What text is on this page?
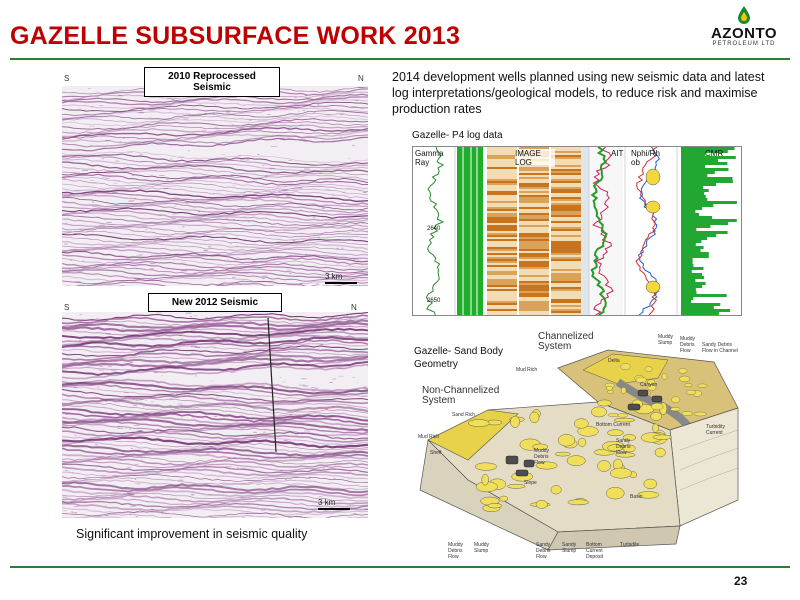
GAZELLE SUBSURFACE WORK 2013	AZONTO
PETROLEUM LTD
S	N
2010 Reprocessed Seismic
3 km
S	N
New 2012 Seismic
3 km
2014 development wells planned using new seismic data and latest log interpretations/geological models, to reduce risk and maximise production rates
Gazelle- P4 log data
Gamma Ray
IMAGE LOG
AIT Nphi/Rh ob
CMR
2640
2650
Channelized System
Non-Channelized System
Mud Rich
Sand Rich
Mud Rich
Delta
Canyon
Muddy Slump
Muddy Debris Flow
Sandy Debris Flow in Channel
Bottom Current
Shelf
Slope
Basin
Turbidity Current
Sandy Debris Flow
Muddy Debris Flow
Muddy Debris Flow
Muddy Slump
Sandy Debris Flow
Sandy Slump
Bottom Current Deposit
Turbidite
Gazelle- Sand Body Geometry
Significant improvement in seismic quality
23
